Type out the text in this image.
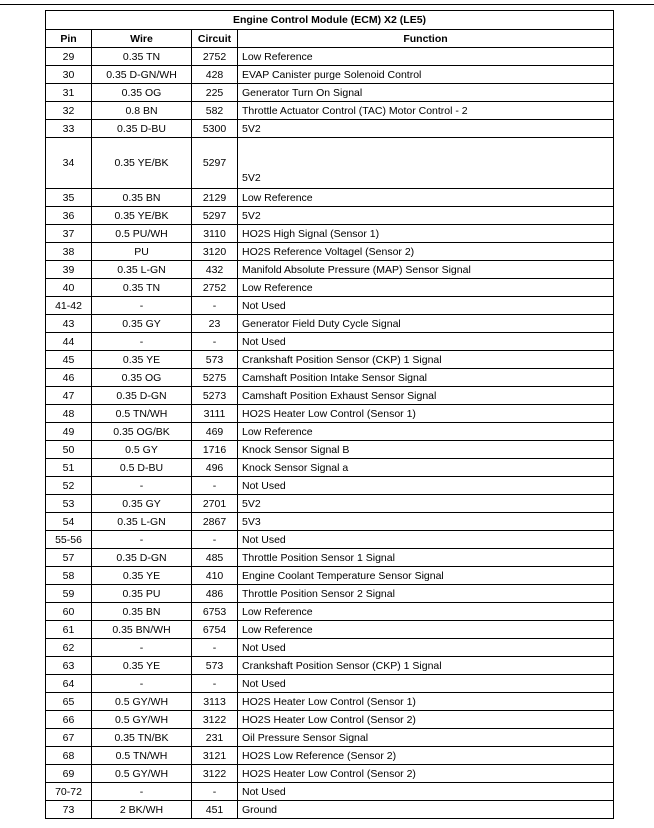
Engine Control Module (ECM) X2 (LE5)			
Pin	Wire	Circuit	Function
29	0.35 TN	2752	Low Reference
30	0.35 D-GN/WH	428	EVAP Canister purge Solenoid Control
31	0.35 OG	225	Generator Turn On Signal
32	0.8 BN	582	Throttle Actuator Control (TAC) Motor Control - 2
33	0.35 D-BU	5300	5V2
34	0.35 YE/BK	5297	5V2
35	0.35 BN	2129	Low Reference
36	0.35 YE/BK	5297	5V2
37	0.5 PU/WH	3110	HO2S High Signal (Sensor 1)
38	PU	3120	HO2S Reference Voltagel (Sensor 2)
39	0.35 L-GN	432	Manifold Absolute Pressure (MAP) Sensor Signal
40	0.35 TN	2752	Low Reference
41-42	-	-	Not Used
43	0.35 GY	23	Generator Field Duty Cycle Signal
44	-	-	Not Used
45	0.35 YE	573	Crankshaft Position Sensor (CKP) 1 Signal
46	0.35 OG	5275	Camshaft Position Intake Sensor Signal
47	0.35 D-GN	5273	Camshaft Position Exhaust Sensor Signal
48	0.5 TN/WH	3111	HO2S Heater Low Control (Sensor 1)
49	0.35 OG/BK	469	Low Reference
50	0.5 GY	1716	Knock Sensor Signal B
51	0.5 D-BU	496	Knock Sensor Signal a
52	-	-	Not Used
53	0.35 GY	2701	5V2
54	0.35 L-GN	2867	5V3
55-56	-	-	Not Used
57	0.35 D-GN	485	Throttle Position Sensor 1 Signal
58	0.35 YE	410	Engine Coolant Temperature Sensor Signal
59	0.35 PU	486	Throttle Position Sensor 2 Signal
60	0.35 BN	6753	Low Reference
61	0.35 BN/WH	6754	Low Reference
62	-	-	Not Used
63	0.35 YE	573	Crankshaft Position Sensor (CKP) 1 Signal
64	-	-	Not Used
65	0.5 GY/WH	3113	HO2S Heater Low Control (Sensor 1)
66	0.5 GY/WH	3122	HO2S Heater Low Control (Sensor 2)
67	0.35 TN/BK	231	Oil Pressure Sensor Signal
68	0.5 TN/WH	3121	HO2S Low Reference (Sensor 2)
69	0.5 GY/WH	3122	HO2S Heater Low Control (Sensor 2)
70-72	-	-	Not Used
73	2 BK/WH	451	Ground
